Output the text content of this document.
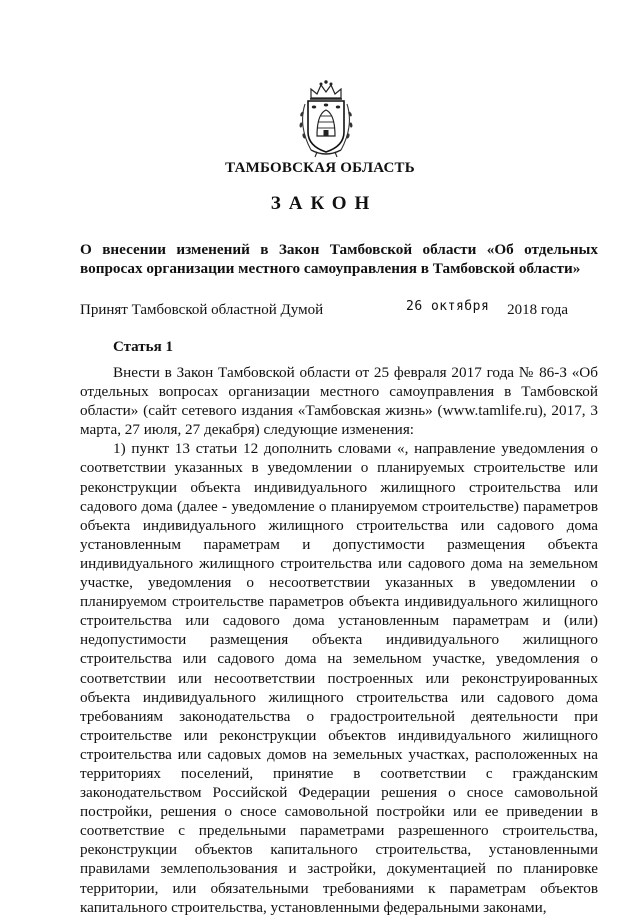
ТАМБОВСКАЯ ОБЛАСТЬ
ЗАКОН
О внесении изменений в Закон Тамбовской области «Об отдельных вопросах организации местного самоуправления в Тамбовской области»
Принят Тамбовской областной Думой	26 октября 2018 года
Статья 1

Внести в Закон Тамбовской области от 25 февраля 2017 года № 86-З «Об отдельных вопросах организации местного самоуправления в Тамбовской области» (сайт сетевого издания «Тамбовская жизнь» (www.tamlife.ru), 2017, 3 марта, 27 июля, 27 декабря) следующие изменения:

1) пункт 13 статьи 12 дополнить словами «, направление уведомления о соответствии указанных в уведомлении о планируемых строительстве или реконструкции объекта индивидуального жилищного строительства или садового дома (далее - уведомление о планируемом строительстве) параметров объекта индивидуального жилищного строительства или садового дома установленным параметрам и допустимости размещения объекта индивидуального жилищного строительства или садового дома на земельном участке, уведомления о несоответствии указанных в уведомлении о планируемом строительстве параметров объекта индивидуального жилищного строительства или садового дома установленным параметрам и (или) недопустимости размещения объекта индивидуального жилищного строительства или садового дома на земельном участке, уведомления о соответствии или несоответствии построенных или реконструированных объекта индивидуального жилищного строительства или садового дома требованиям законодательства о градостроительной деятельности при строительстве или реконструкции объектов индивидуального жилищного строительства или садовых домов на земельных участках, расположенных на территориях поселений, принятие в соответствии с гражданским законодательством Российской Федерации решения о сносе самовольной постройки, решения о сносе самовольной постройки или ее приведении в соответствие с предельными параметрами разрешенного строительства, реконструкции объектов капитального строительства, установленными правилами землепользования и застройки, документацией по планировке территории, или обязательными требованиями к параметрам объектов капитального строительства, установленными федеральными законами,
